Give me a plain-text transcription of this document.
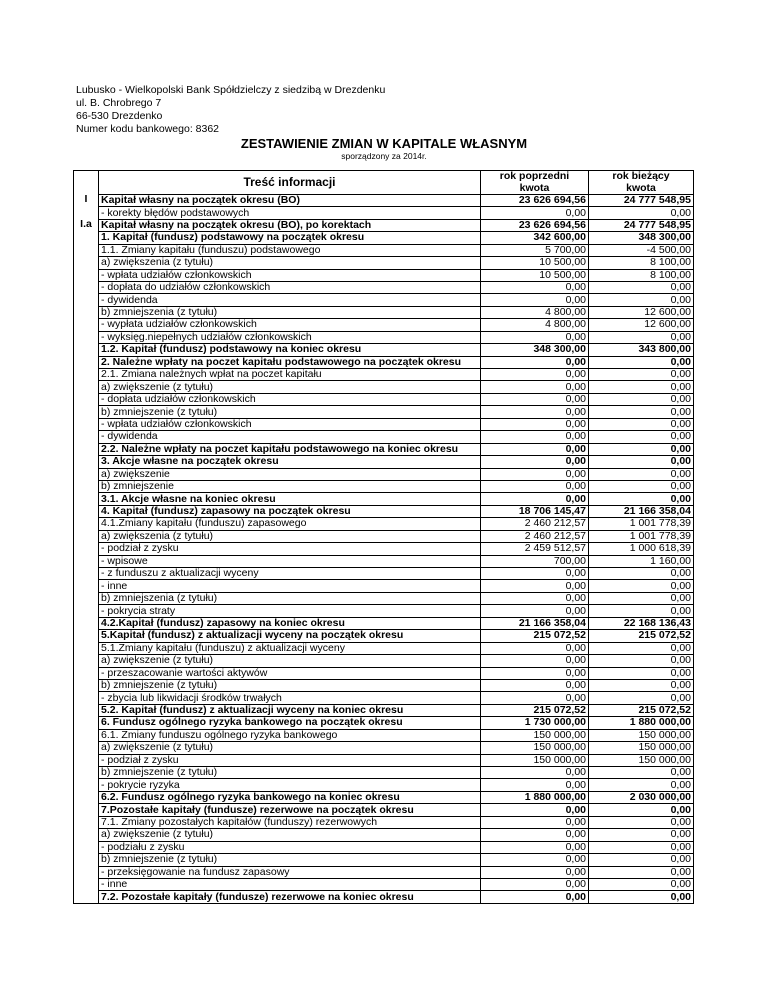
Lubusko - Wielkopolski Bank Spółdzielczy z siedzibą w Drezdenku
ul. B. Chrobrego 7
66-530 Drezdenko
Numer kodu bankowego: 8362
ZESTAWIENIE ZMIAN W KAPITALE WŁASNYM
sporządzony za 2014r.
	Treść informacji	rok poprzedni	rok bieżący
		kwota	kwota
I	Kapitał własny na początek okresu (BO)	23 626 694,56	24 777 548,95
	- korekty błędów podstawowych	0,00	0,00
I.a	Kapitał własny na początek okresu (BO), po korektach	23 626 694,56	24 777 548,95
	1. Kapitał (fundusz) podstawowy na początek okresu	342 600,00	348 300,00
	1.1. Zmiany kapitału (funduszu) podstawowego	5 700,00	-4 500,00
	a) zwiększenia (z tytułu)	10 500,00	8 100,00
	- wpłata udziałów członkowskich	10 500,00	8 100,00
	- dopłata do udziałów członkowskich	0,00	0,00
	- dywidenda	0,00	0,00
	b) zmniejszenia (z tytułu)	4 800,00	12 600,00
	- wypłata udziałów członkowskich	4 800,00	12 600,00
	- wyksięg.niepełnych udziałów członkowskich	0,00	0,00
	1.2. Kapitał (fundusz) podstawowy na koniec okresu	348 300,00	343 800,00
	2. Należne wpłaty na poczet kapitału podstawowego na początek okresu	0,00	0,00
	2.1. Zmiana należnych wpłat na poczet kapitału	0,00	0,00
	a) zwiększenie (z tytułu)	0,00	0,00
	- dopłata udziałów członkowskich	0,00	0,00
	b) zmniejszenie (z tytułu)	0,00	0,00
	- wpłata udziałów członkowskich	0,00	0,00
	- dywidenda	0,00	0,00
	2.2. Należne wpłaty na poczet kapitału podstawowego na koniec okresu	0,00	0,00
	3. Akcje własne na początek okresu	0,00	0,00
	a) zwiększenie	0,00	0,00
	b) zmniejszenie	0,00	0,00
	3.1. Akcje własne na koniec okresu	0,00	0,00
	4. Kapitał (fundusz) zapasowy na początek okresu	18 706 145,47	21 166 358,04
	4.1.Zmiany kapitału (funduszu) zapasowego	2 460 212,57	1 001 778,39
	a) zwiększenia (z tytułu)	2 460 212,57	1 001 778,39
	- podział z zysku	2 459 512,57	1 000 618,39
	- wpisowe	700,00	1 160,00
	- z funduszu z aktualizacji wyceny	0,00	0,00
	- inne	0,00	0,00
	b) zmniejszenia (z tytułu)	0,00	0,00
	- pokrycia straty	0,00	0,00
	4.2.Kapitał (fundusz) zapasowy na koniec okresu	21 166 358,04	22 168 136,43
	5.Kapitał (fundusz) z aktualizacji wyceny na początek okresu	215 072,52	215 072,52
	5.1.Zmiany kapitału (funduszu) z aktualizacji wyceny	0,00	0,00
	a) zwiększenie (z tytułu)	0,00	0,00
	- przeszacowanie wartości aktywów	0,00	0,00
	b) zmniejszenie (z tytułu)	0,00	0,00
	- zbycia lub likwidacji środków trwałych	0,00	0,00
	5.2. Kapitał (fundusz) z aktualizacji wyceny na koniec okresu	215 072,52	215 072,52
	6. Fundusz ogólnego ryzyka bankowego na początek okresu	1 730 000,00	1 880 000,00
	6.1. Zmiany funduszu ogólnego ryzyka bankowego	150 000,00	150 000,00
	a) zwiększenie (z tytułu)	150 000,00	150 000,00
	- podział z zysku	150 000,00	150 000,00
	b) zmniejszenie (z tytułu)	0,00	0,00
	- pokrycie ryzyka	0,00	0,00
	6.2. Fundusz ogólnego ryzyka bankowego na koniec okresu	1 880 000,00	2 030 000,00
	7.Pozostałe kapitały (fundusze) rezerwowe na początek okresu	0,00	0,00
	7.1. Zmiany pozostałych kapitałów (funduszy) rezerwowych	0,00	0,00
	a) zwiększenie (z tytułu)	0,00	0,00
	- podziału z zysku	0,00	0,00
	b) zmniejszenie (z tytułu)	0,00	0,00
	- przeksięgowanie na fundusz zapasowy	0,00	0,00
	- inne	0,00	0,00
	7.2. Pozostałe kapitały (fundusze) rezerwowe na koniec okresu	0,00	0,00
